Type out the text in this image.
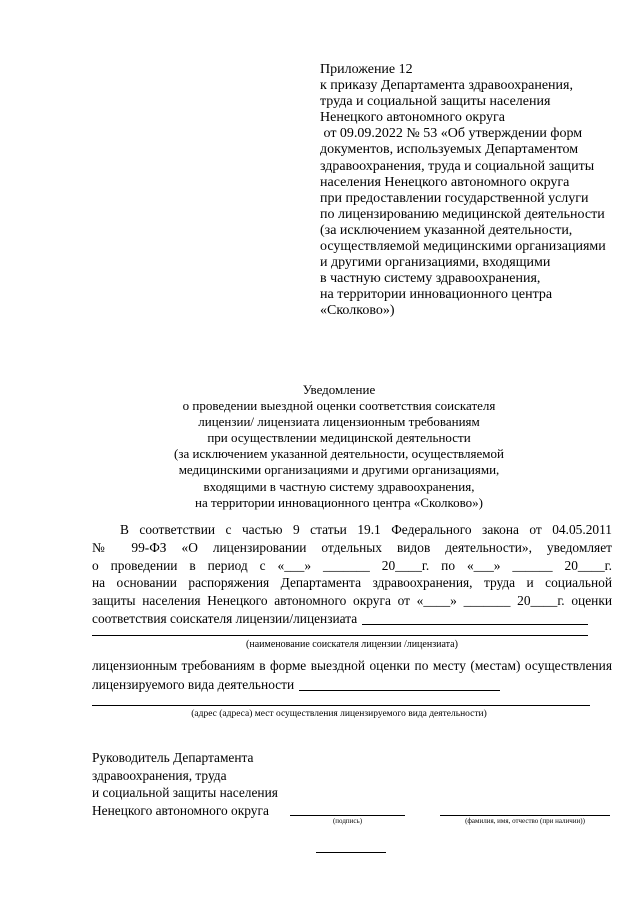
Приложение 12
к приказу Департамента здравоохранения,
труда и социальной защиты населения
Ненецкого автономного округа
от 09.09.2022 № 53 «Об утверждении форм
документов, используемых Департаментом
здравоохранения, труда и социальной защиты
населения Ненецкого автономного округа
при предоставлении государственной услуги
по лицензированию медицинской деятельности
(за исключением указанной деятельности,
осуществляемой медицинскими организациями
и другими организациями, входящими
в частную систему здравоохранения,
на территории инновационного центра
«Сколково»)
Уведомление
о проведении выездной оценки соответствия соискателя
лицензии/ лицензиата лицензионным требованиям
при осуществлении медицинской деятельности
(за исключением указанной деятельности, осуществляемой
медицинскими организациями и другими организациями,
входящими в частную систему здравоохранения,
на территории инновационного центра «Сколково»)
В соответствии с частью 9 статьи 19.1 Федерального закона от 04.05.2011
№ 99-ФЗ «О лицензировании отдельных видов деятельности», уведомляет
о проведении в период с «___» _______ 20____г. по «___» ______ 20____г.
на основании распоряжения Департамента здравоохранения, труда и социальной
защиты населения Ненецкого автономного округа от «____» _______ 20____г. оценки
соответствия соискателя лицензии/лицензиата
(наименование соискателя лицензии /лицензиата)
лицензионным требованиям в форме выездной оценки по месту (местам) осуществления
лицензируемого вида деятельности
(адрес (адреса) мест осуществления лицензируемого вида деятельности)
Руководитель Департамента
здравоохранения, труда
и социальной защиты населения
Ненецкого автономного округа
(подпись)	(фамилия, имя, отчество (при наличии))
